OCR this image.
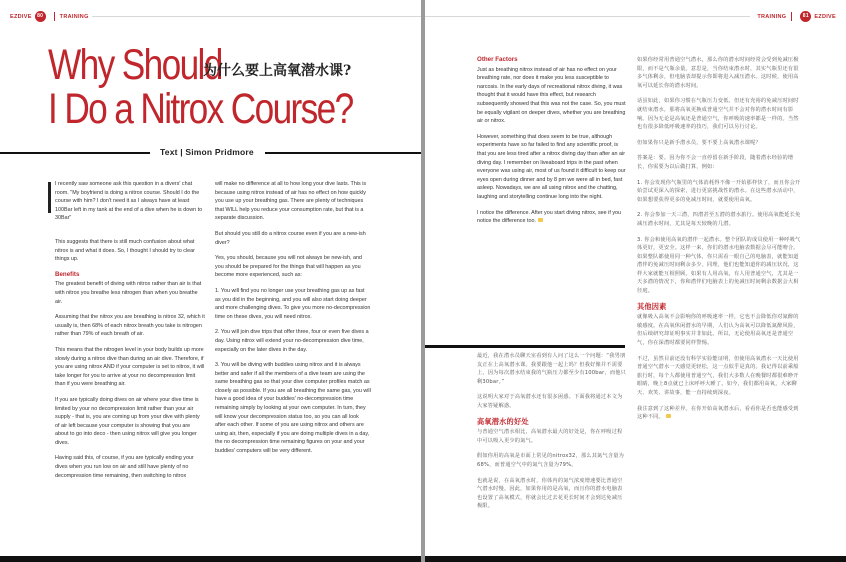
EZDIVE	80	TRAINING
Why Should
为什么要上高氧潜水课?
I Do a Nitrox Course?
Text | Simon Pridmore
I recently saw someone ask this question in a divers' chat room. "My boyfriend is doing a nitrox course. Should I do the course with him? I don't need it as I always have at least 100Bar left in my tank at the end of a dive when he is down to 30Bar"

This suggests that there is still much confusion about what nitrox is and what it does. So, I thought I should try to clear things up.

Benefits

The greatest benefit of diving with nitrox rather than air is that with nitrox you breathe less nitrogen than when you breathe air.

Assuming that the nitrox you are breathing is nitrox 32, which it usually is, then 68% of each nitrox breath you take is nitrogen rather than 79% of each breath of air.

This means that the nitrogen level in your body builds up more slowly during a nitrox dive than during an air dive. Therefore, if you are using nitrox AND if your computer is set to nitrox, it will take longer for you to arrive at your no decompression limit than if you were breathing air.

If you are typically doing dives on air where your dive time is limited by your no decompression limit rather than your air supply - that is, you are coming up from your dive with plenty of air left because your computer is showing that you are about to go into deco - then using nitrox will give you longer dives.

Having said this, of course, if you are typically ending your dives when you run low on air and still have plenty of no decompression time remaining, then switching to nitrox

will make no difference at all to how long your dive lasts. This is because using nitrox instead of air has no effect on how quickly you use up your breathing gas. There are plenty of techniques that WILL help you reduce your consumption rate, but that is a separate discussion.

But should you still do a nitrox course even if you are a new-ish diver?

Yes, you should, because you will not always be new-ish, and you should be prepared for the things that will happen as you become more experienced, such as:

1. You will find you no longer use your breathing gas up as fast as you did in the beginning, and you will also start doing deeper and more challenging dives. To give you more no-decompression time on these dives, you will need nitrox.

2. You will join dive trips that offer three, four or even five dives a day. Using nitrox will extend your no-decompression dive time, especially on the later dives in the day.

3. You will be diving with buddies using nitrox and it is always better and safer if all the members of a dive team are using the same breathing gas so that your dive computer profiles match as closely as possible. If you are all breathing the same gas, you will have a good idea of your buddies' no-decompression time remaining simply by looking at your own computer. In turn, they will know your decompression status too, so you can all look after each other. If some of you are using nitrox and others are using air, then, especially if you are doing multiple dives in a day, the no decompression time remaining figures on your and your buddies' computers will be very different.

TRAINING	81 EZDIVE
Other Factors

Just as breathing nitrox instead of air has no effect on your breathing rate, nor does it make you less susceptible to narcosis. In the early days of recreational nitrox diving, it was thought that it would have this effect, but research subsequently showed that this was not the case. So, you must be equally vigilant on deeper dives, whether you are breathing air or nitrox.

However, something that does seem to be true, although experiments have so far failed to find any scientific proof, is that you are less tired after a nitrox diving day than after an air diving day. I remember on liveaboard trips in the past when everyone was using air, most of us found it difficult to keep our eyes open during dinner and by 8 pm we were all in bed, fast asleep. Nowadays, we are all using nitrox and the chatting, laughing and storytelling continue long into the night.

I notice the difference. After you start diving nitrox, see if you notice the difference too.

最近，我在潜水员聊天室看到有人问了这么一个问题：“我男朋友正在上高氧潜水课。我要跟他一起上吗？但我好像并不需要上，因为每次潜水结束我的气瓶压力都至少有100bar，而他只剩30bar。”

这说明大家对于高氧潜水还有很多困惑。下面我将通过本文为大家答疑解惑。

高氧潜水的好处

与普通空气潜水相比，高氧潜水最大的好处是，你在呼吸过程中可以吸入更少的氮气。

假如你用的高氧是市面上常见的nitrox32，那么其氮气含量为68%，而普通空气中的氮气含量为79%。

也就是说，在高氧潜水时，你体内的氮气浓度增速要比普通空气潜水时慢。因此，如果你用的是高氧，而且你的潜水电脑表也设置了高氧模式，你就会比过去花更长时间才会到达免减压极限。

如果你经常用普通空气潜水，那么你的潜水时间经常会受到免减压极限，而不是气瓶余量。意思是，当你结束潜水时，其实气瓶里还有很多气体剩余，但电脑表却提示你即将进入减压潜水。这时候，使用高氧可以延长你的潜水时间。

话虽如此，如果你习惯在气瓶压力变低、但还有充裕的免减压时间时就结束潜水，那将高氧更换成普通空气并不会对你的潜水时间有影响。因为无论是高氧还是普通空气，你呼吸的速率都是一样的。当然也有很多降低呼吸速率的技巧，我们可以另行讨论。

但如果你只是新手潜水员，要不要上高氧潜水课呢？

答案是：要。因为你不会一直停留在新手阶段，随着潜水经验的增长，你需要为以后做打算，例如：

1. 你会发现你气瓶里的气体消耗得不像一开始那样快了，而且你会开始尝试更深入的探索，进行更富挑战性的潜水。在这些潜水活动中，如果想要获得更多的免减压时间，就要使用高氧。

2. 你会参加一天三潜，四潜甚至五潜的潜水旅行。使用高氧能延长免减压潜水时间，尤其是每天较晚的几潜。

3. 你会和使用高氧的潜伴一起潜水。整个团队的成员使用一种呼吸气体更好，更安全。这样一来，你们的潜水电脑表数据会尽可能吻合。如果整队都使用同一种气体，你只需看一眼自己的电脑表，就能知道潜伴的免减压时间剩余多少。同理，他们也能知道你的减压状况，这样大家就能互相照顾。如果有人用高氧，有人用普通空气，尤其是一天多潜的情况下，你和潜伴们电脑表上的免减压时间剩余数据会大相径庭。

其他因素

就像吸入高氧不会影响你的呼吸速率一样，它也不会降低你对氮醉的敏感度。在高氧休闲潜水的早期，人们认为高氧可以降低氮醉风险，但后续研究却证明事实并非如此。所以，无论使用高氧还是普通空气，你在深潜时都要同样警惕。

不过，虽然目前还没有科学实验能证明，但使用高氧潜水一天比使用普通空气潜水一天感觉更轻松，这一点似乎是真的。我记得以前乘船旅行时，每个人都使用普通空气，我们大多数人在晚餐时都很难睁开眼睛，晚上8点就已上床呼呼大睡了。如今，我们都用高氧，大家聊天、欢笑、讲故事，能一直持续到深夜。

我注意到了这种差异。在你开始高氧潜水后，看看你是否也能感受到这种不同。
